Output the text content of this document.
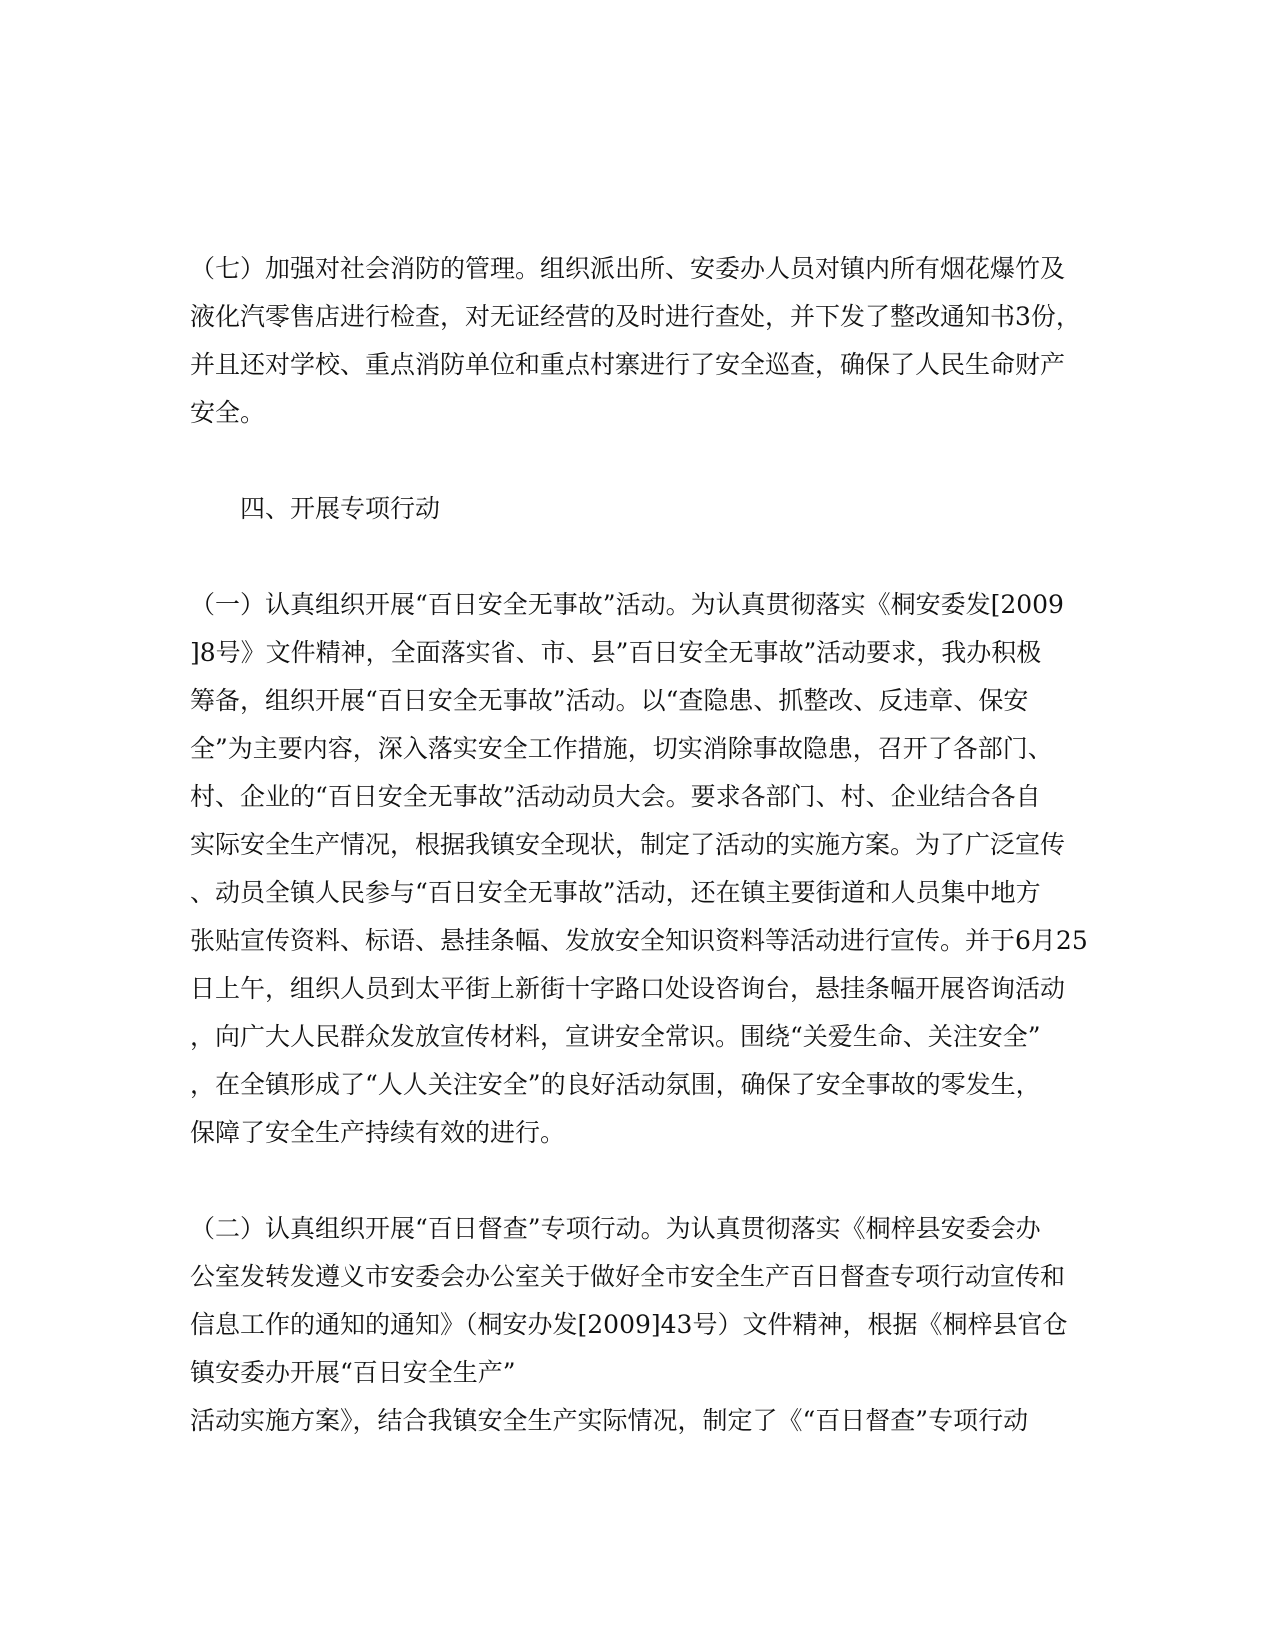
（七）加强对社会消防的管理。组织派出所、安委办人员对镇内所有烟花爆竹及
液化汽零售店进行检查，对无证经营的及时进行查处，并下发了整改通知书3份，
并且还对学校、重点消防单位和重点村寨进行了安全巡查，确保了人民生命财产
安全。
四、开展专项行动
（一）认真组织开展“百日安全无事故”活动。为认真贯彻落实《桐安委发[2009
]8号》文件精神，全面落实省、市、县”百日安全无事故”活动要求，我办积极
筹备，组织开展“百日安全无事故”活动。以“查隐患、抓整改、反违章、保安
全”为主要内容，深入落实安全工作措施，切实消除事故隐患，召开了各部门、
村、企业的“百日安全无事故”活动动员大会。要求各部门、村、企业结合各自
实际安全生产情况，根据我镇安全现状，制定了活动的实施方案。为了广泛宣传
、动员全镇人民参与“百日安全无事故”活动，还在镇主要街道和人员集中地方
张贴宣传资料、标语、悬挂条幅、发放安全知识资料等活动进行宣传。并于6月25
日上午，组织人员到太平街上新街十字路口处设咨询台，悬挂条幅开展咨询活动
，向广大人民群众发放宣传材料，宣讲安全常识。围绕“关爱生命、关注安全”
，在全镇形成了“人人关注安全”的良好活动氛围，确保了安全事故的零发生，
保障了安全生产持续有效的进行。
（二）认真组织开展“百日督查”专项行动。为认真贯彻落实《桐梓县安委会办
公室发转发遵义市安委会办公室关于做好全市安全生产百日督查专项行动宣传和
信息工作的通知的通知》（桐安办发[2009]43号）文件精神，根据《桐梓县官仓
镇安委办开展“百日安全生产”
活动实施方案》，结合我镇安全生产实际情况，制定了《“百日督查”专项行动
